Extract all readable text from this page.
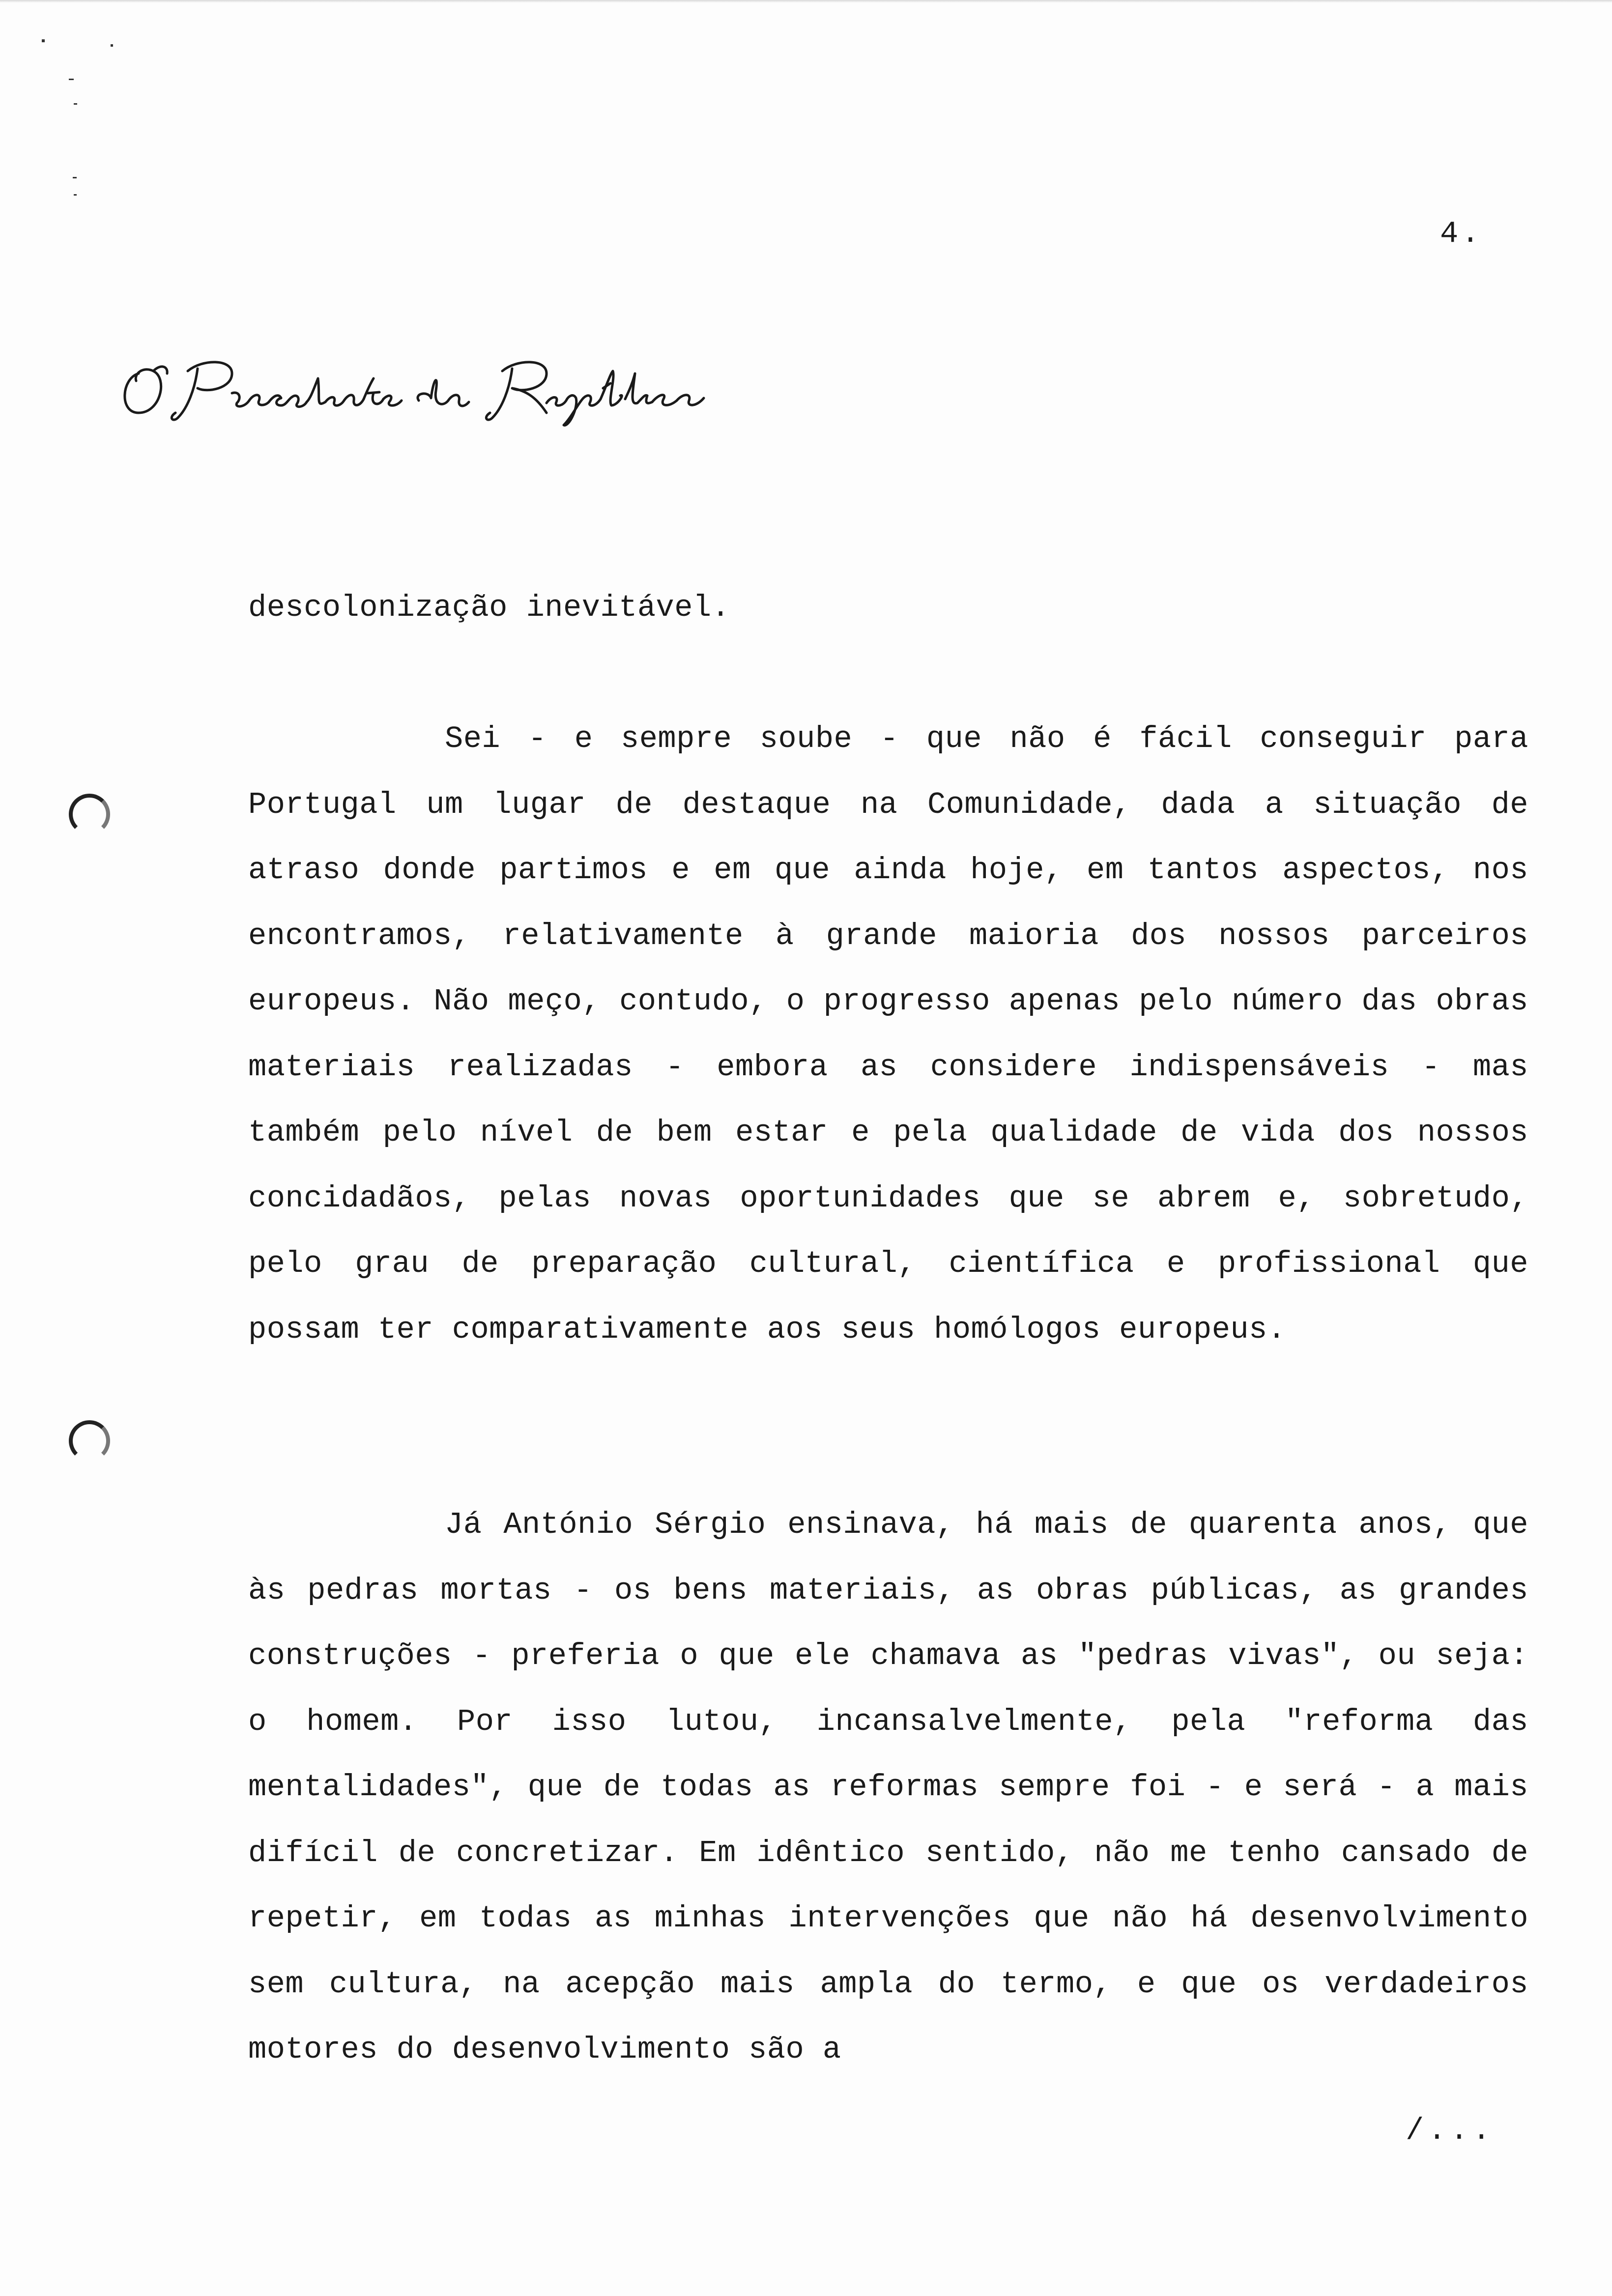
4.

descolonização inevitável.

Sei - e sempre soube - que não é fácil conseguir para Portugal um lugar de destaque na Comunidade, dada a situação de atraso donde partimos e em que ainda hoje, em tantos aspectos, nos encontramos, relativamente à grande maioria dos nossos parceiros europeus. Não meço, contudo, o progresso apenas pelo número das obras materiais realizadas - embora as considere indispensáveis - mas também pelo nível de bem estar e pela qualidade de vida dos nossos concidadãos, pelas novas oportunidades que se abrem e, sobretudo, pelo grau de preparação cultural, científica e profissional que possam ter comparativamente aos seus homólogos europeus.

Já António Sérgio ensinava, há mais de quarenta anos, que às pedras mortas - os bens materiais, as obras públicas, as grandes construções - preferia o que ele chamava as "pedras vivas", ou seja: o homem. Por isso lutou, incansalvelmente, pela "reforma das mentalidades", que de todas as reformas sempre foi - e será - a mais difícil de concretizar. Em idêntico sentido, não me tenho cansado de repetir, em todas as minhas intervenções que não há desenvolvimento sem cultura, na acepção mais ampla do termo, e que os verdadeiros motores do desenvolvimento são a

/...
